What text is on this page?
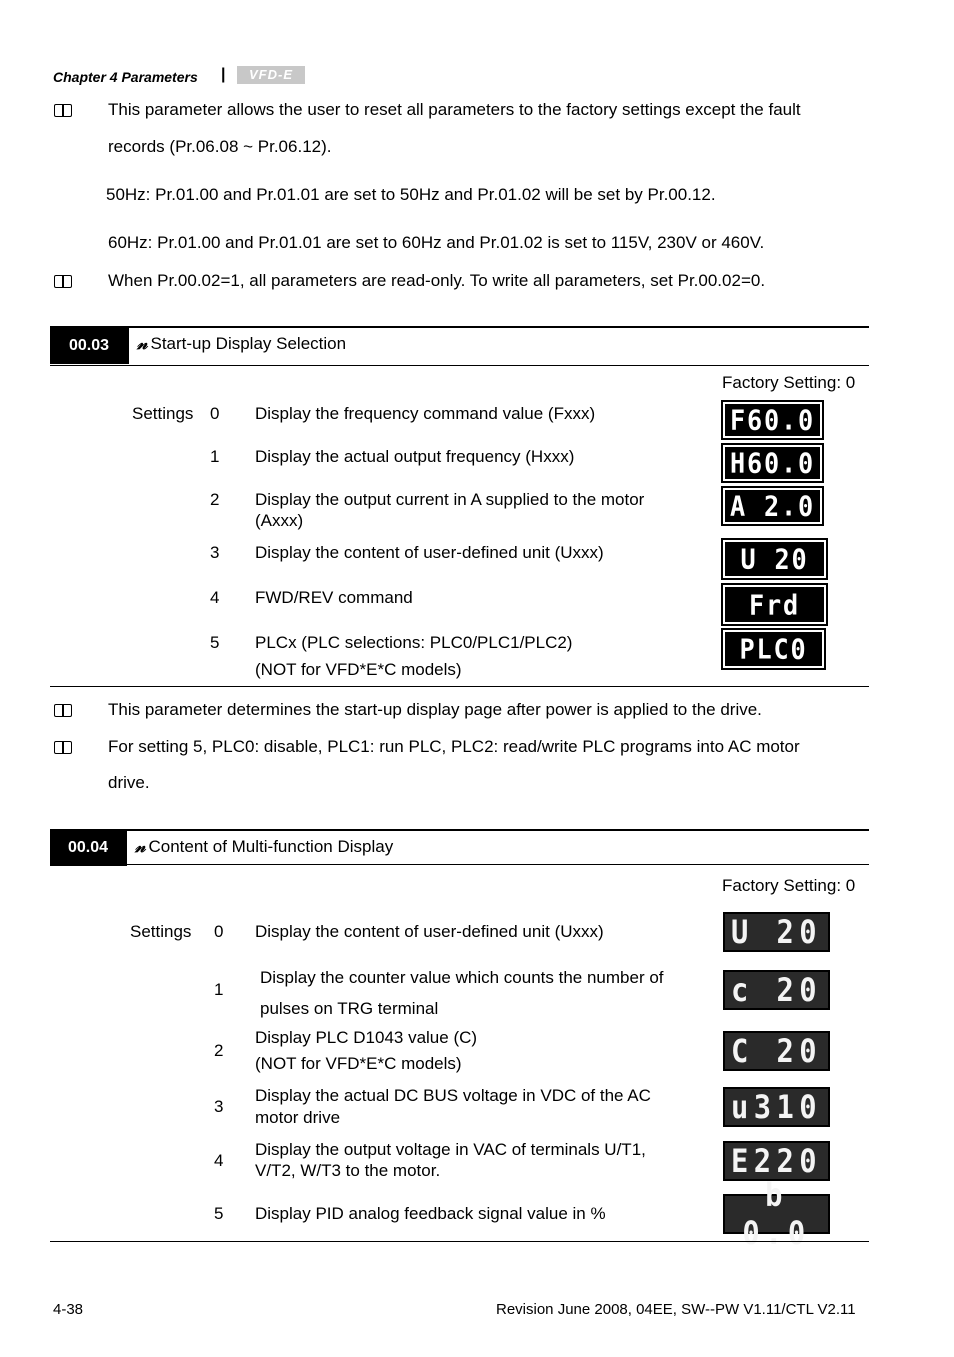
Chapter 4 Parameters |	VFD-E
This parameter allows the user to reset all parameters to the factory settings except the fault
records (Pr.06.08 ~ Pr.06.12).
50Hz: Pr.01.00 and Pr.01.01 are set to 50Hz and Pr.01.02 will be set by Pr.00.12.
60Hz: Pr.01.00 and Pr.01.01 are set to 60Hz and Pr.01.02 is set to 115V, 230V or 460V.
When Pr.00.02=1, all parameters are read-only. To write all parameters, set Pr.00.02=0.
00.03	𝓃 Start-up Display Selection
Factory Setting: 0
Settings 0 Display the frequency command value (Fxxx)	F60.0
1 Display the actual output frequency (Hxxx)	H60.0
2 Display the output current in A supplied to the motor
(Axxx)	A 2.0
3 Display the content of user-defined unit (Uxxx)	U 20
4 FWD/REV command	Frd
5 PLCx (PLC selections: PLC0/PLC1/PLC2)
(NOT for VFD*E*C models)
PLC0
This parameter determines the start-up display page after power is applied to the drive.
For setting 5, PLC0: disable, PLC1: run PLC, PLC2: read/write PLC programs into AC motor
drive.
00.04	𝓃 Content of Multi-function Display
Factory Setting: 0
Settings 0 Display the content of user-defined unit (Uxxx)	U 20
1
Display the counter value which counts the number of
pulses on TRG terminal	c 20
2
Display PLC D1043 value (C)
(NOT for VFD*E*C models)	C 20
3
Display the actual DC BUS voltage in VDC of the AC
motor drive	u310
4
Display the output voltage in VAC of terminals U/T1,
V/T2, W/T3 to the motor.	E220
5 Display PID analog feedback signal value in %	b 0.0
4-38	Revision June 2008, 04EE, SW--PW V1.11/CTL V2.11
